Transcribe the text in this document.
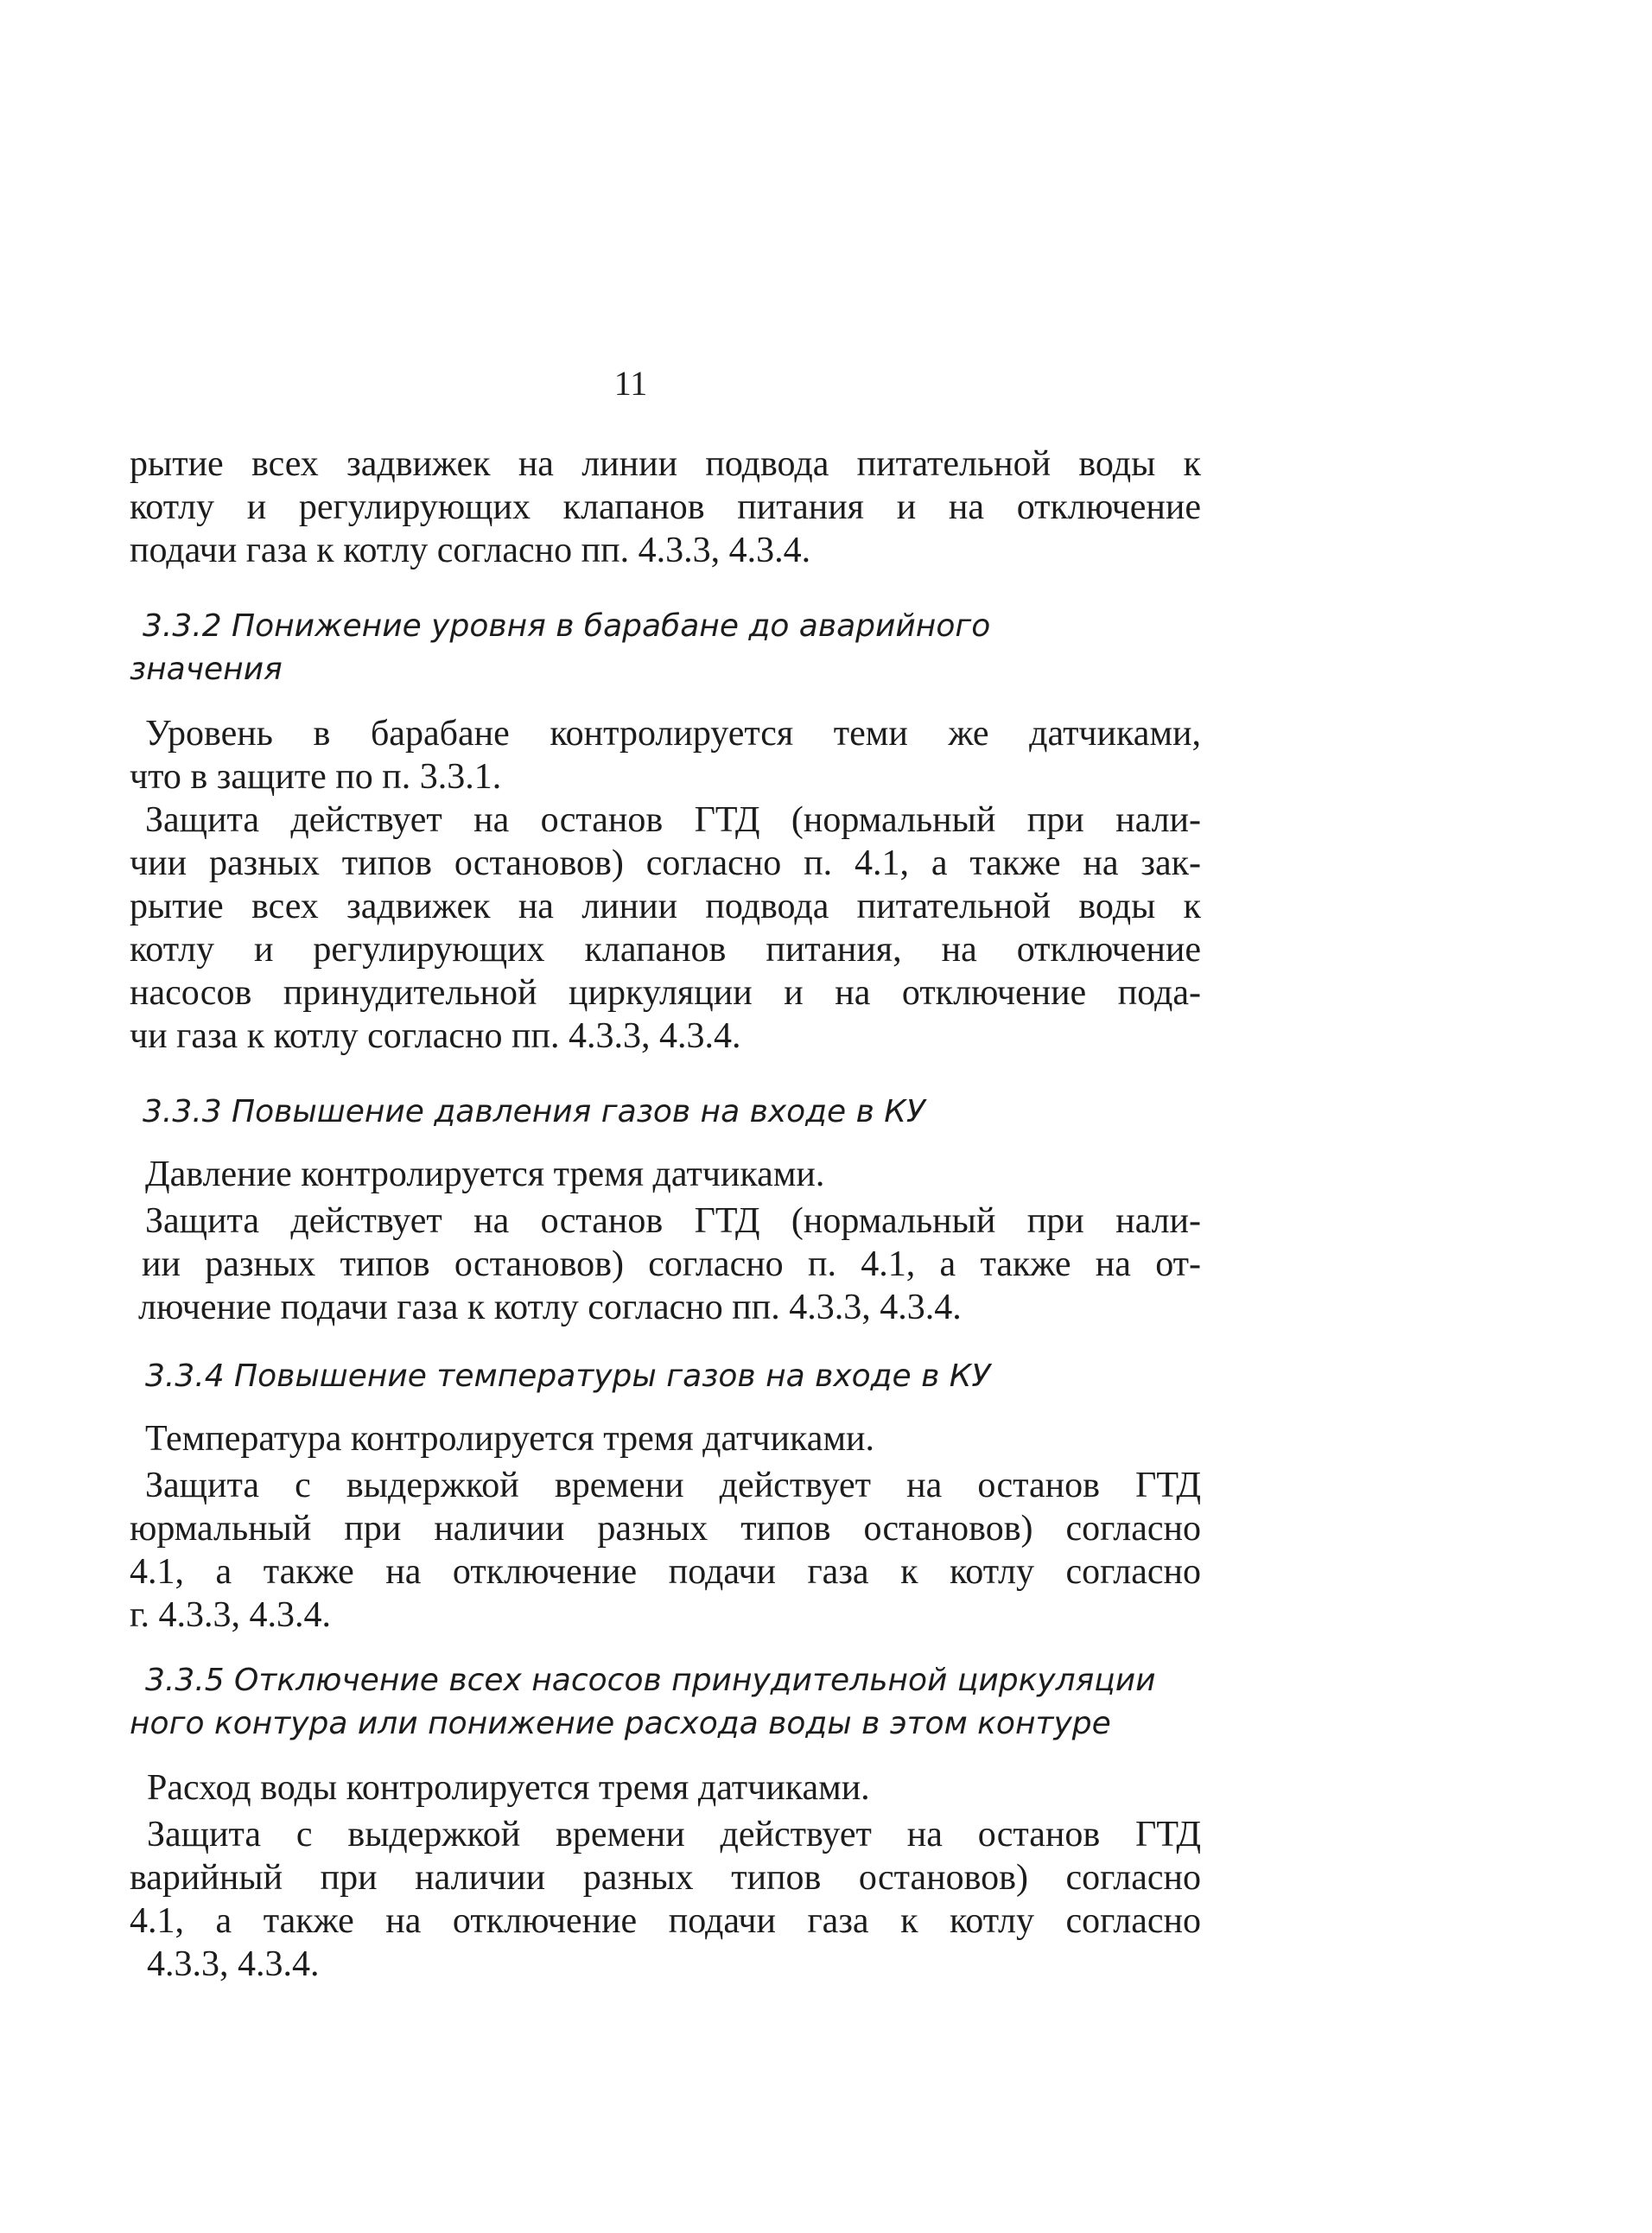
11
рытие всех задвижек на линии подвода питательной воды к
котлу и регулирующих клапанов питания и на отключение
подачи газа к котлу согласно пп. 4.3.3, 4.3.4.
3.3.2 Понижение уровня в барабане до аварийного
значения
Уровень в барабане контролируется теми же датчиками,
что в защите по п. 3.3.1.
Защита действует на останов ГТД (нормальный при нали-
чии разных типов остановов) согласно п. 4.1, а также на зак-
рытие всех задвижек на линии подвода питательной воды к
котлу и регулирующих клапанов питания, на отключение
насосов принудительной циркуляции и на отключение пода-
чи газа к котлу согласно пп. 4.3.3, 4.3.4.
3.3.3 Повышение давления газов на входе в КУ
Давление контролируется тремя датчиками.
Защита действует на останов ГТД (нормальный при нали-
ии разных типов остановов) согласно п. 4.1, а также на от-
лючение подачи газа к котлу согласно пп. 4.3.3, 4.3.4.
3.3.4 Повышение температуры газов на входе в КУ
Температура контролируется тремя датчиками.
Защита с выдержкой времени действует на останов ГТД
юрмальный при наличии разных типов остановов) согласно
4.1, а также на отключение подачи газа к котлу согласно
г. 4.3.3, 4.3.4.
3.3.5 Отключение всех насосов принудительной циркуляции
ного контура или понижение расхода воды в этом контуре
Расход воды контролируется тремя датчиками.
Защита с выдержкой времени действует на останов ГТД
варийный при наличии разных типов остановов) согласно
4.1, а также на отключение подачи газа к котлу согласно
4.3.3, 4.3.4.
